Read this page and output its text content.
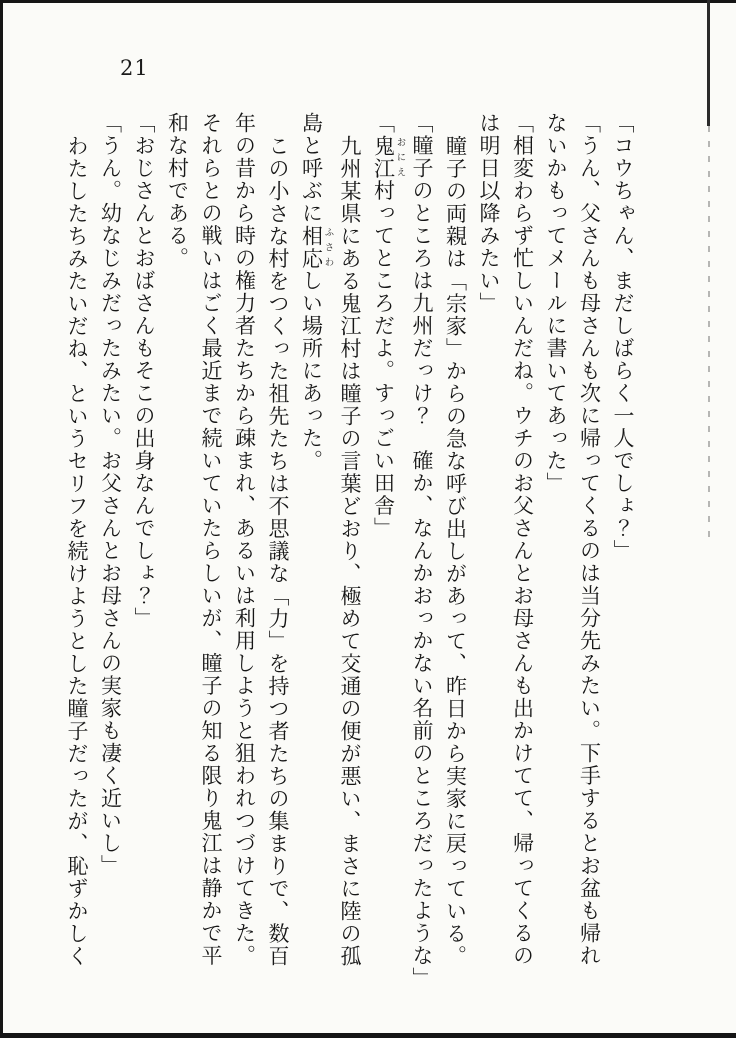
21
「コウちゃん、まだしばらく一人でしょ？」
「うん、父さんも母さんも次に帰ってくるのは当分先みたい。下手するとお盆も帰れ
ないかもってメールに書いてあった」
「相変わらず忙しいんだね。ウチのお父さんとお母さんも出かけてて、帰ってくるの
は明日以降みたい」
瞳子の両親は「宗家」からの急な呼び出しがあって、昨日から実家に戻っている。
「瞳子のところは九州だっけ？　確か、なんかおっかない名前のところだったような」
「鬼江 おにえ村ってところだよ。すっごい田舎」
九州某県にある鬼江村は瞳子の言葉どおり、極めて交通の便が悪い、まさに陸の孤
島と呼ぶに相応 ふさわしい場所にあった。
この小さな村をつくった祖先たちは不思議な「力」を持つ者たちの集まりで、数百
年の昔から時の権力者たちから疎まれ、あるいは利用しようと狙われつづけてきた。
それらとの戦いはごく最近まで続いていたらしいが、瞳子の知る限り鬼江は静かで平
和な村である。
「おじさんとおばさんもそこの出身なんでしょ？」
「うん。幼なじみだったみたい。お父さんとお母さんの実家も凄く近いし」
わたしたちみたいだね、というセリフを続けようとした瞳子だったが、恥ずかしく
